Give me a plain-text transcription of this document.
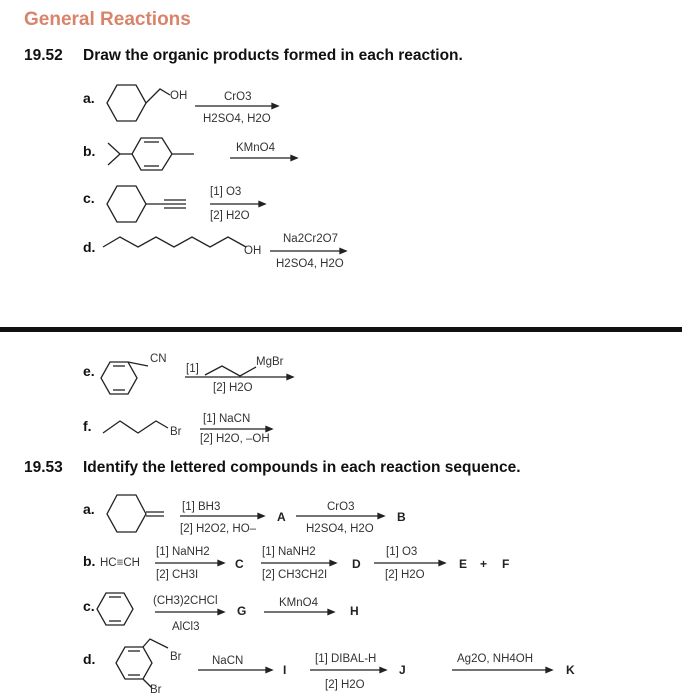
General Reactions
19.52 Draw the organic products formed in each reaction.
a.	OH	CrO3
H2SO4, H2O
b.	KMnO4
c.	[1] O3
[2] H2O
d.	OH
Na2Cr2O7
H2SO4, H2O
e.
CN
[1]
MgBr
[2] H2O
f.	Br
[1] NaCN
[2] H2O, –OH
19.53 Identify the lettered compounds in each reaction sequence.
a.	[1] BH3
[2] H2O2, HO–
A
CrO3
H2SO4, H2O
B
b. HC≡CH
[1] NaNH2
[2] CH3I
C
[1] NaNH2
[2] CH3CH2I
D
[1] O3
[2] H2O
E + F
c.	(CH3)2CHCl
AlCl3
G
KMnO4
H
d.	Br
Br
NaCN
I
[1] DIBAL-H
[2] H2O
J
Ag2O, NH4OH
K
